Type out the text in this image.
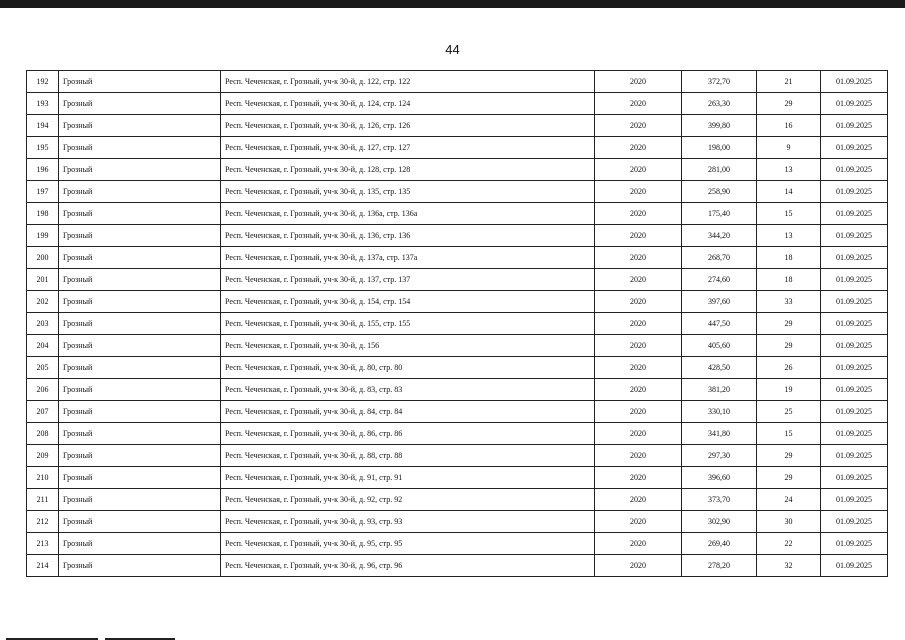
44
192	Грозный	Респ. Чеченская, г. Грозный, уч-к 30-й, д. 122, стр. 122	2020	372,70	21	01.09.2025
193	Грозный	Респ. Чеченская, г. Грозный, уч-к 30-й, д. 124, стр. 124	2020	263,30	29	01.09.2025
194	Грозный	Респ. Чеченская, г. Грозный, уч-к 30-й, д. 126, стр. 126	2020	399,80	16	01.09.2025
195	Грозный	Респ. Чеченская, г. Грозный, уч-к 30-й, д. 127, стр. 127	2020	198,00	9	01.09.2025
196	Грозный	Респ. Чеченская, г. Грозный, уч-к 30-й, д. 128, стр. 128	2020	281,00	13	01.09.2025
197	Грозный	Респ. Чеченская, г. Грозный, уч-к 30-й, д. 135, стр. 135	2020	258,90	14	01.09.2025
198	Грозный	Респ. Чеченская, г. Грозный, уч-к 30-й, д. 136а, стр. 136а	2020	175,40	15	01.09.2025
199	Грозный	Респ. Чеченская, г. Грозный, уч-к 30-й, д. 136, стр. 136	2020	344,20	13	01.09.2025
200	Грозный	Респ. Чеченская, г. Грозный, уч-к 30-й, д. 137а, стр. 137а	2020	268,70	18	01.09.2025
201	Грозный	Респ. Чеченская, г. Грозный, уч-к 30-й, д. 137, стр. 137	2020	274,60	18	01.09.2025
202	Грозный	Респ. Чеченская, г. Грозный, уч-к 30-й, д. 154, стр. 154	2020	397,60	33	01.09.2025
203	Грозный	Респ. Чеченская, г. Грозный, уч-к 30-й, д. 155, стр. 155	2020	447,50	29	01.09.2025
204	Грозный	Респ. Чеченская, г. Грозный, уч-к 30-й, д. 156	2020	405,60	29	01.09.2025
205	Грозный	Респ. Чеченская, г. Грозный, уч-к 30-й, д. 80, стр. 80	2020	428,50	26	01.09.2025
206	Грозный	Респ. Чеченская, г. Грозный, уч-к 30-й, д. 83, стр. 83	2020	381,20	19	01.09.2025
207	Грозный	Респ. Чеченская, г. Грозный, уч-к 30-й, д. 84, стр. 84	2020	330,10	25	01.09.2025
208	Грозный	Респ. Чеченская, г. Грозный, уч-к 30-й, д. 86, стр. 86	2020	341,80	15	01.09.2025
209	Грозный	Респ. Чеченская, г. Грозный, уч-к 30-й, д. 88, стр. 88	2020	297,30	29	01.09.2025
210	Грозный	Респ. Чеченская, г. Грозный, уч-к 30-й, д. 91, стр. 91	2020	396,60	29	01.09.2025
211	Грозный	Респ. Чеченская, г. Грозный, уч-к 30-й, д. 92, стр. 92	2020	373,70	24	01.09.2025
212	Грозный	Респ. Чеченская, г. Грозный, уч-к 30-й, д. 93, стр. 93	2020	302,90	30	01.09.2025
213	Грозный	Респ. Чеченская, г. Грозный, уч-к 30-й, д. 95, стр. 95	2020	269,40	22	01.09.2025
214	Грозный	Респ. Чеченская, г. Грозный, уч-к 30-й, д. 96, стр. 96	2020	278,20	32	01.09.2025
